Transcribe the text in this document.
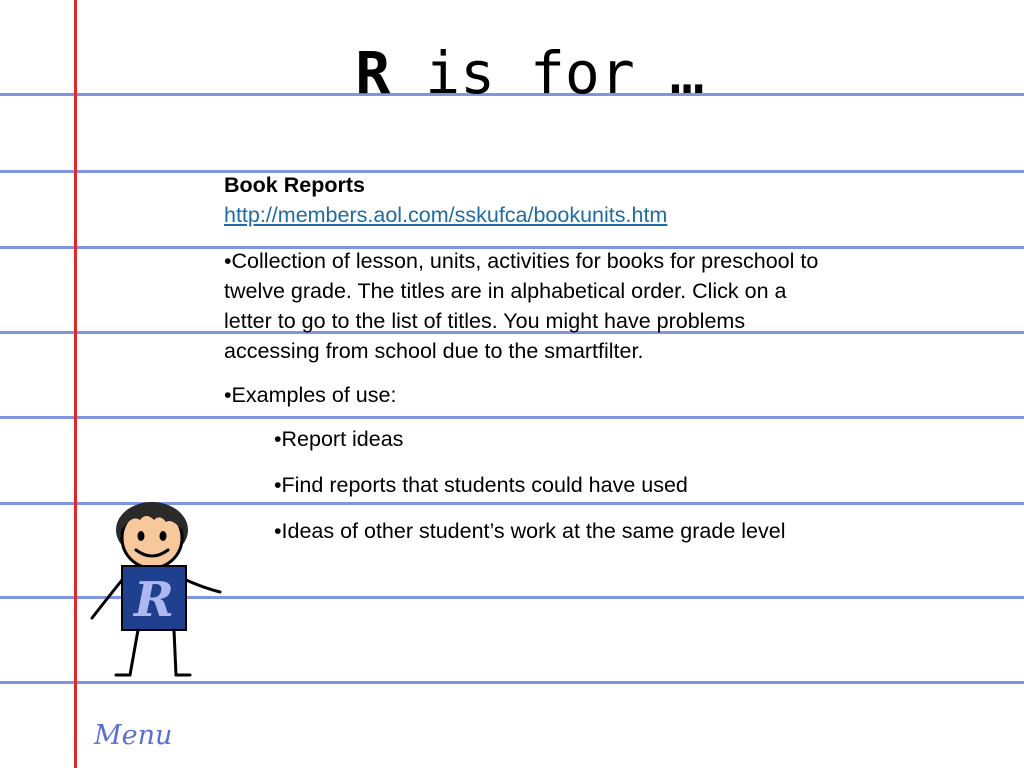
R is for …
Book Reports
http://members.aol.com/sskufca/bookunits.htm

•Collection of lesson, units, activities for books for preschool to twelve grade. The titles are in alphabetical order. Click on a letter to go to the list of titles. You might have problems accessing from school due to the smartfilter.

•Examples of use:

•Report ideas
•Find reports that students could have used
•Ideas of other student’s work at the same grade level
R
Menu
